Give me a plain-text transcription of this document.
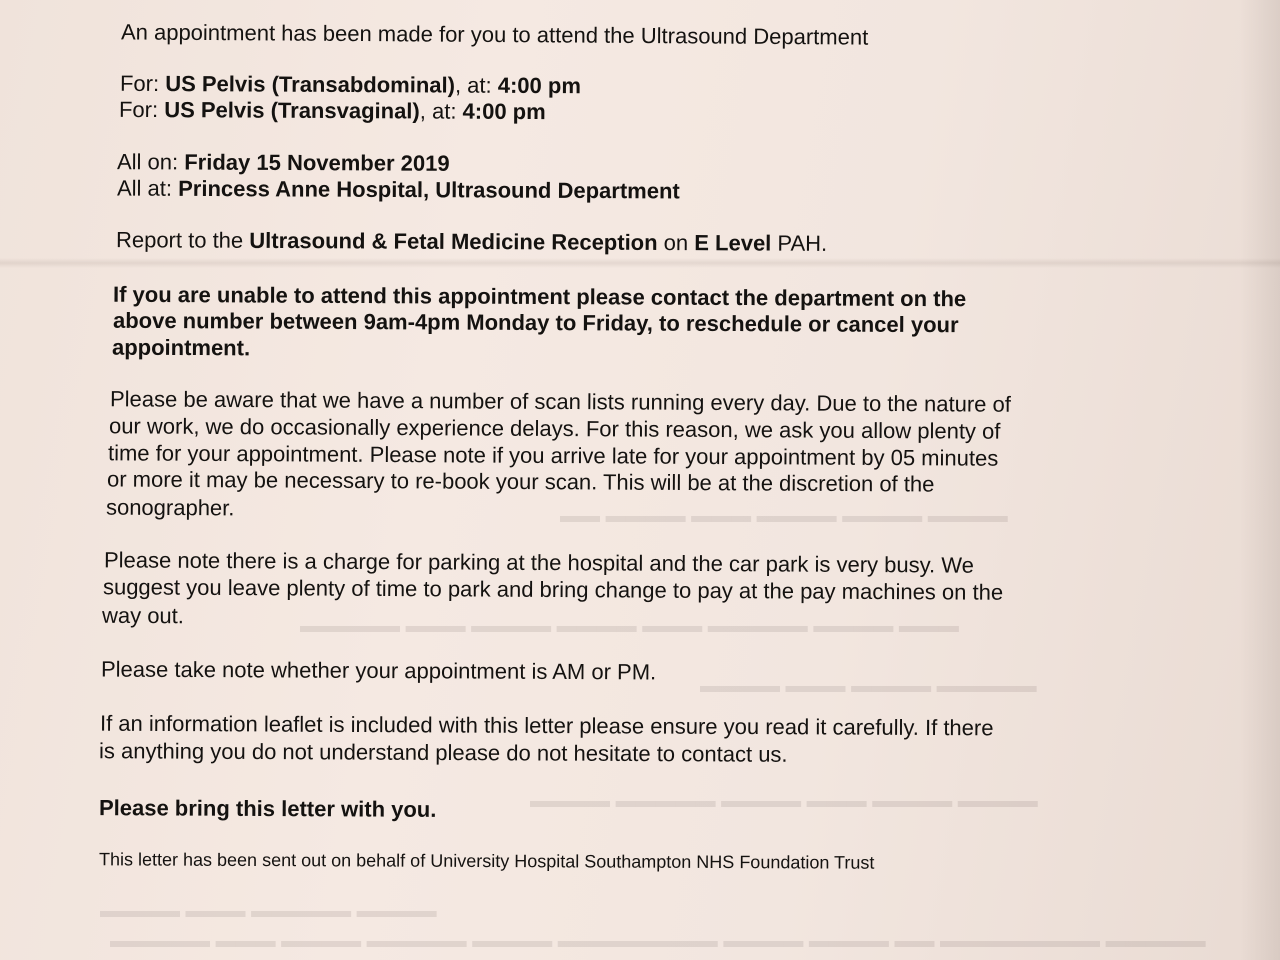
▬▬▬▬ ▬▬▬▬ ▬▬▬▬ ▬▬▬ ▬▬▬▬ ▬▬
▬▬▬ ▬▬▬▬ ▬▬▬▬▬ ▬▬▬ ▬▬▬▬ ▬▬▬▬ ▬▬▬ ▬▬▬▬▬
▬▬▬▬▬ ▬▬▬▬ ▬▬▬ ▬▬▬▬
▬▬▬▬ ▬▬▬▬ ▬▬▬ ▬▬▬▬ ▬▬▬▬▬ ▬▬▬▬
▬▬▬▬ ▬▬▬▬▬ ▬▬▬ ▬▬▬▬
▬▬▬▬▬ ▬▬▬▬▬▬▬▬ ▬▬ ▬▬▬▬ ▬▬▬▬ ▬▬▬▬▬▬▬▬ ▬▬▬▬ ▬▬▬▬▬ ▬▬▬▬ ▬▬▬ ▬▬▬▬▬
An appointment has been made for you to attend the Ultrasound Department
For: US Pelvis (Transabdominal), at: 4:00 pm
For: US Pelvis (Transvaginal), at: 4:00 pm
All on: Friday 15 November 2019
All at: Princess Anne Hospital, Ultrasound Department
Report to the Ultrasound & Fetal Medicine Reception on E Level PAH.
If you are unable to attend this appointment please contact the department on the
above number between 9am-4pm Monday to Friday, to reschedule or cancel your
appointment.
Please be aware that we have a number of scan lists running every day. Due to the nature of
our work, we do occasionally experience delays. For this reason, we ask you allow plenty of
time for your appointment. Please note if you arrive late for your appointment by 05 minutes
or more it may be necessary to re-book your scan. This will be at the discretion of the
sonographer.
Please note there is a charge for parking at the hospital and the car park is very busy. We
suggest you leave plenty of time to park and bring change to pay at the pay machines on the
way out.
Please take note whether your appointment is AM or PM.
If an information leaflet is included with this letter please ensure you read it carefully. If there
is anything you do not understand please do not hesitate to contact us.
Please bring this letter with you.
This letter has been sent out on behalf of University Hospital Southampton NHS Foundation Trust
